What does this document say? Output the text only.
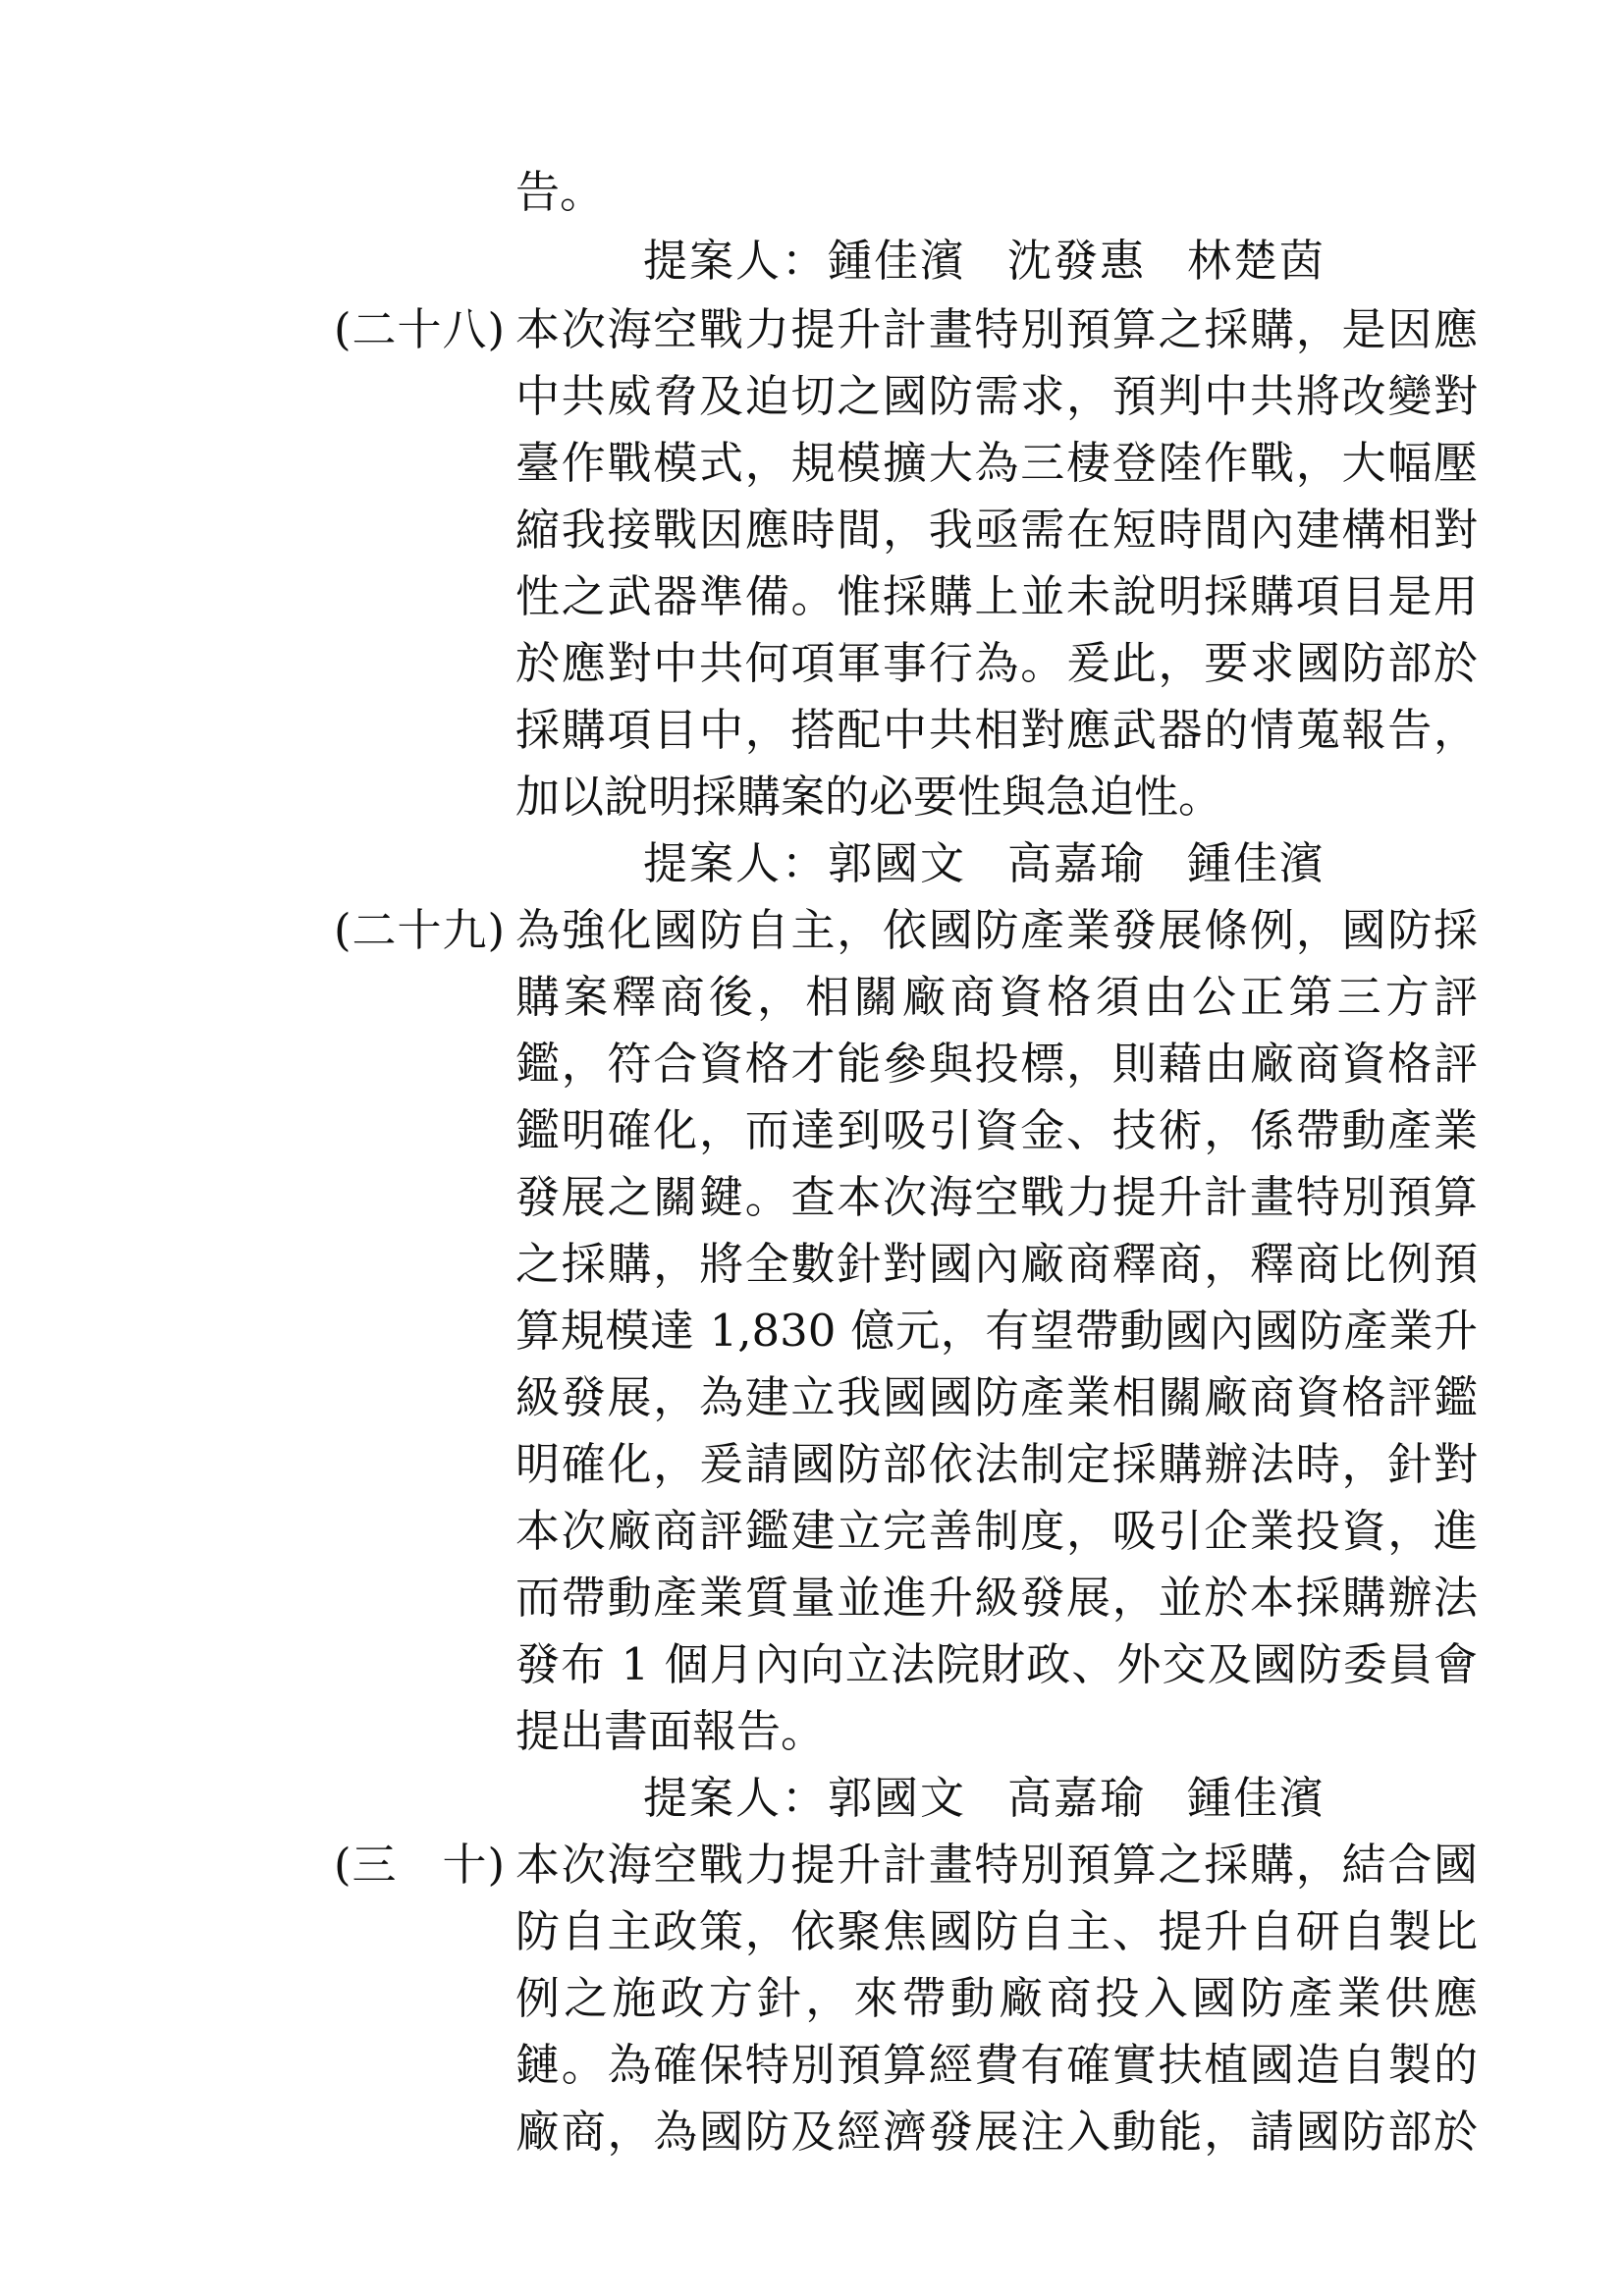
告。
提案人：鍾佳濱 沈發惠 林楚茵
(二十八) 本次海空戰力提升計畫特別預算之採購，是因應
中共威脅及迫切之國防需求，預判中共將改變對
臺作戰模式，規模擴大為三棲登陸作戰，大幅壓
縮我接戰因應時間，我亟需在短時間內建構相對
性之武器準備。惟採購上並未說明採購項目是用
於應對中共何項軍事行為。爰此，要求國防部於
採購項目中，搭配中共相對應武器的情蒐報告，
加以說明採購案的必要性與急迫性。
提案人：郭國文 高嘉瑜 鍾佳濱
(二十九) 為強化國防自主，依國防產業發展條例，國防採
購案釋商後，相關廠商資格須由公正第三方評
鑑，符合資格才能參與投標，則藉由廠商資格評
鑑明確化，而達到吸引資金、技術，係帶動產業
發展之關鍵。查本次海空戰力提升計畫特別預算
之採購，將全數針對國內廠商釋商，釋商比例預
算規模達 1,830 億元，有望帶動國內國防產業升
級發展，為建立我國國防產業相關廠商資格評鑑
明確化，爰請國防部依法制定採購辦法時，針對
本次廠商評鑑建立完善制度，吸引企業投資，進
而帶動產業質量並進升級發展，並於本採購辦法
發布 1 個月內向立法院財政、外交及國防委員會
提出書面報告。
提案人：郭國文 高嘉瑜 鍾佳濱
(三　十) 本次海空戰力提升計畫特別預算之採購，結合國
防自主政策，依聚焦國防自主、提升自研自製比
例之施政方針，來帶動廠商投入國防產業供應
鏈。為確保特別預算經費有確實扶植國造自製的
廠商，為國防及經濟發展注入動能，請國防部於
